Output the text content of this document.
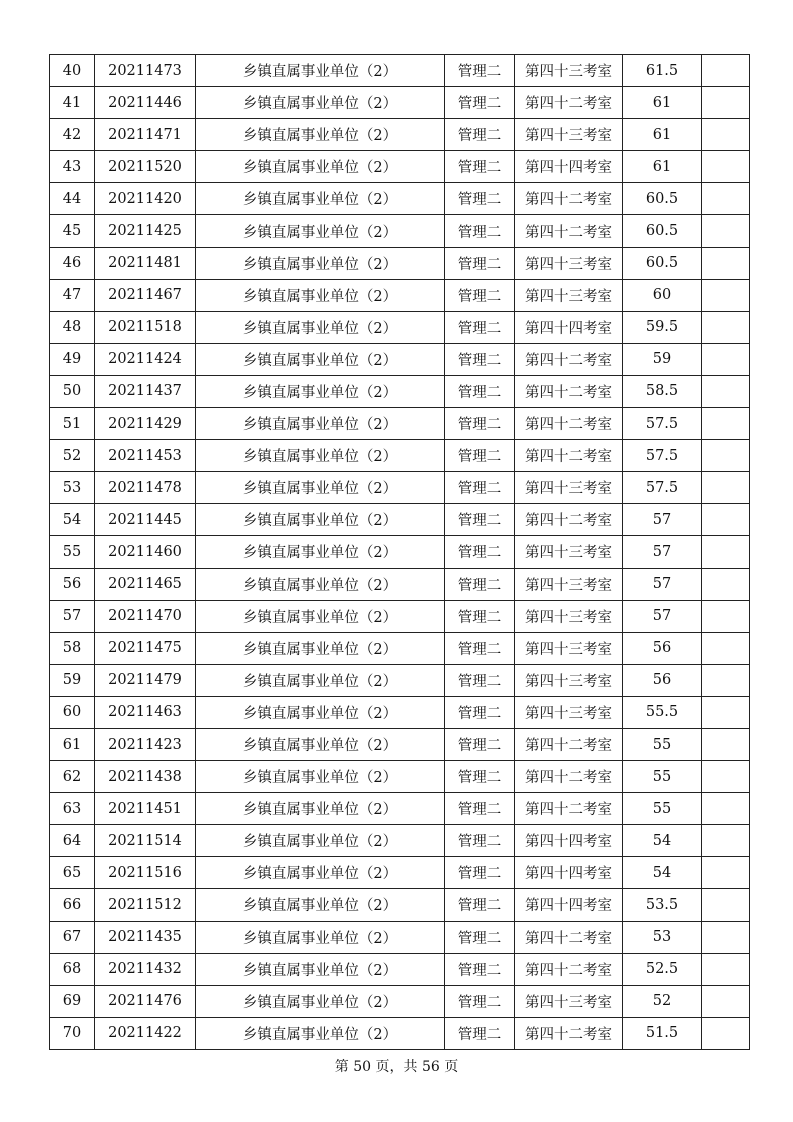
40	20211473	乡镇直属事业单位（2）	管理二	第四十三考室	61.5	
41	20211446	乡镇直属事业单位（2）	管理二	第四十二考室	61	
42	20211471	乡镇直属事业单位（2）	管理二	第四十三考室	61	
43	20211520	乡镇直属事业单位（2）	管理二	第四十四考室	61	
44	20211420	乡镇直属事业单位（2）	管理二	第四十二考室	60.5	
45	20211425	乡镇直属事业单位（2）	管理二	第四十二考室	60.5	
46	20211481	乡镇直属事业单位（2）	管理二	第四十三考室	60.5	
47	20211467	乡镇直属事业单位（2）	管理二	第四十三考室	60	
48	20211518	乡镇直属事业单位（2）	管理二	第四十四考室	59.5	
49	20211424	乡镇直属事业单位（2）	管理二	第四十二考室	59	
50	20211437	乡镇直属事业单位（2）	管理二	第四十二考室	58.5	
51	20211429	乡镇直属事业单位（2）	管理二	第四十二考室	57.5	
52	20211453	乡镇直属事业单位（2）	管理二	第四十二考室	57.5	
53	20211478	乡镇直属事业单位（2）	管理二	第四十三考室	57.5	
54	20211445	乡镇直属事业单位（2）	管理二	第四十二考室	57	
55	20211460	乡镇直属事业单位（2）	管理二	第四十三考室	57	
56	20211465	乡镇直属事业单位（2）	管理二	第四十三考室	57	
57	20211470	乡镇直属事业单位（2）	管理二	第四十三考室	57	
58	20211475	乡镇直属事业单位（2）	管理二	第四十三考室	56	
59	20211479	乡镇直属事业单位（2）	管理二	第四十三考室	56	
60	20211463	乡镇直属事业单位（2）	管理二	第四十三考室	55.5	
61	20211423	乡镇直属事业单位（2）	管理二	第四十二考室	55	
62	20211438	乡镇直属事业单位（2）	管理二	第四十二考室	55	
63	20211451	乡镇直属事业单位（2）	管理二	第四十二考室	55	
64	20211514	乡镇直属事业单位（2）	管理二	第四十四考室	54	
65	20211516	乡镇直属事业单位（2）	管理二	第四十四考室	54	
66	20211512	乡镇直属事业单位（2）	管理二	第四十四考室	53.5	
67	20211435	乡镇直属事业单位（2）	管理二	第四十二考室	53	
68	20211432	乡镇直属事业单位（2）	管理二	第四十二考室	52.5	
69	20211476	乡镇直属事业单位（2）	管理二	第四十三考室	52	
70	20211422	乡镇直属事业单位（2）	管理二	第四十二考室	51.5	
第 50 页，共 56 页
